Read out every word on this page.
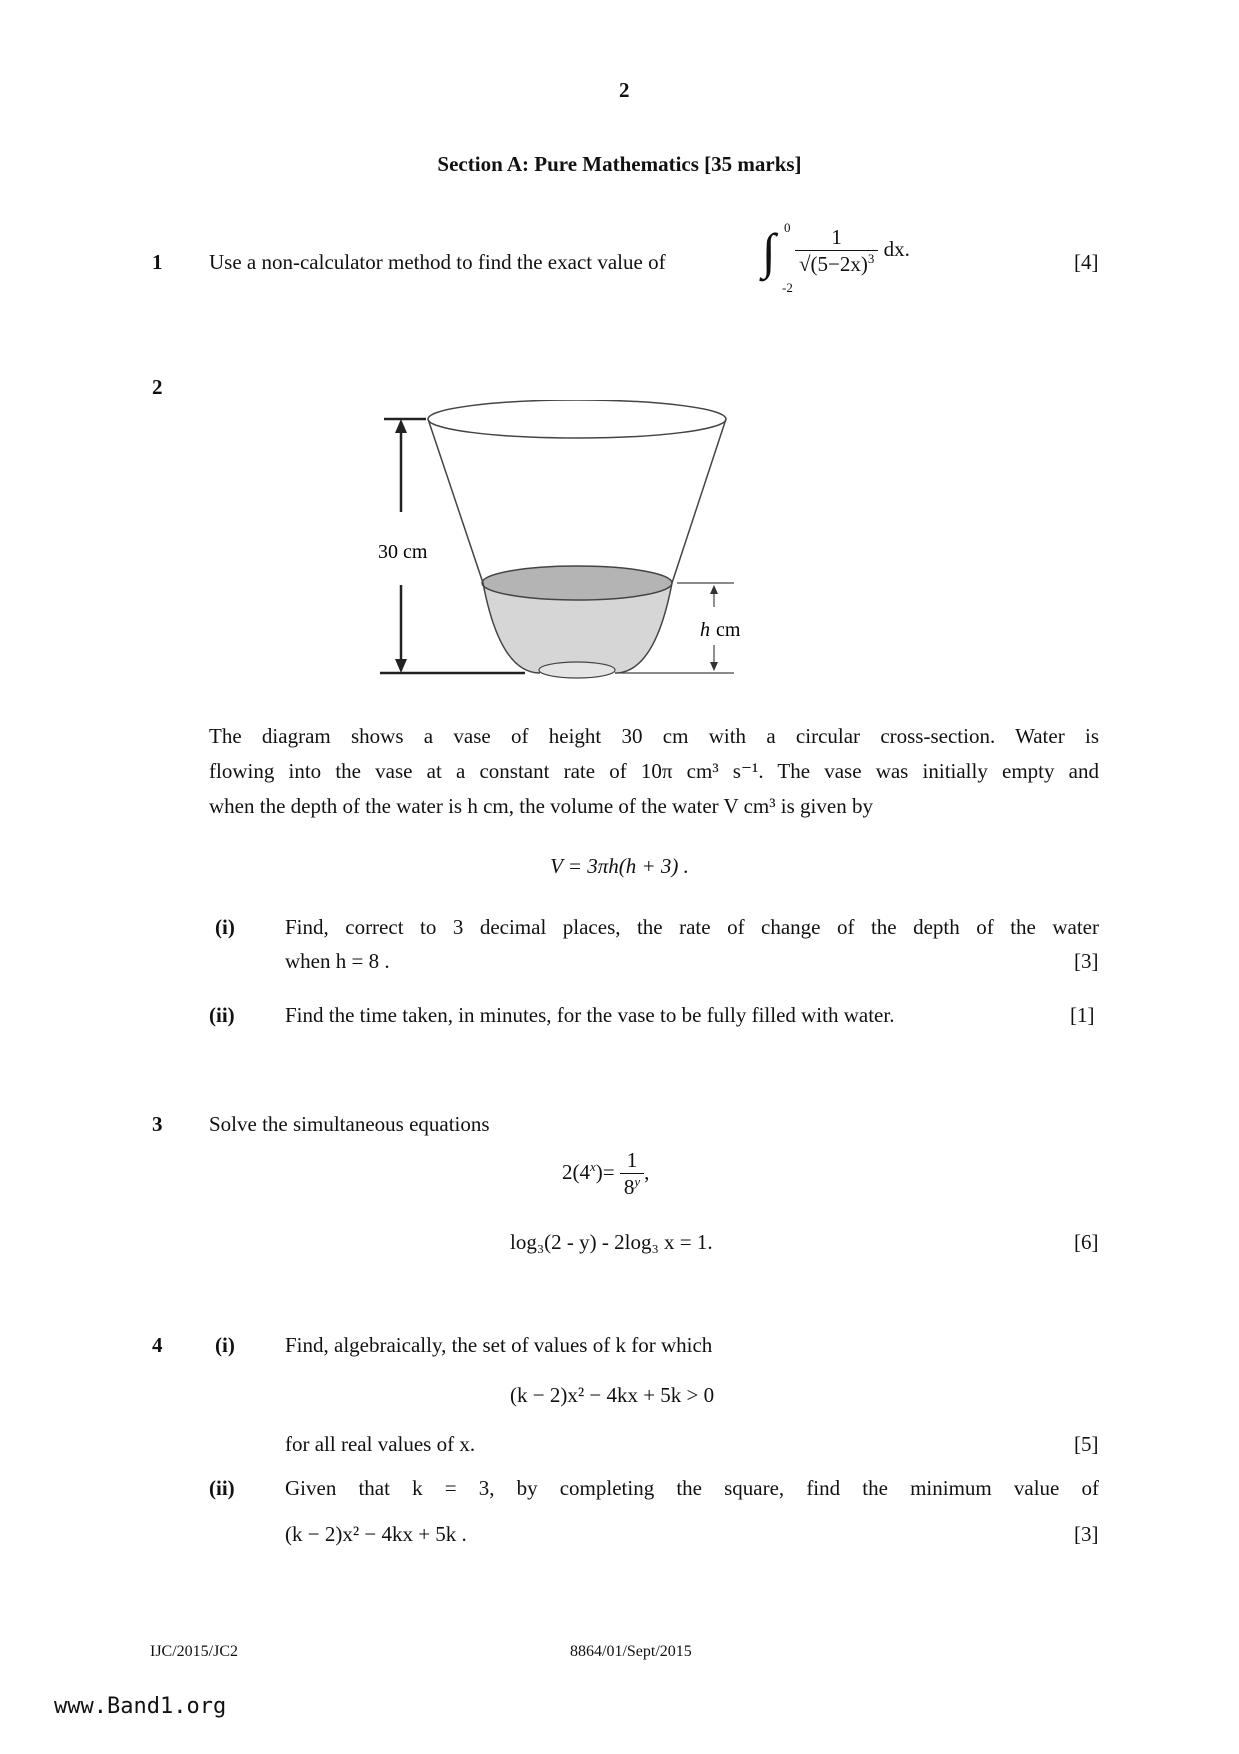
2
Section A: Pure Mathematics [35 marks]
1 Use a non-calculator method to find the exact value of ∫ 0
-2
$\frac{1}{√(5-2x)^3}$ dx.
[4]
2
30 cm
h cm
The diagram shows a vase of height 30 cm with a circular cross-section. Water is
flowing into the vase at a constant rate of 10π cm³ s⁻¹. The vase was initially empty and
when the depth of the water is h cm, the volume of the water V cm³ is given by
V = 3πh(h + 3) .
(i) Find, correct to 3 decimal places, the rate of change of the depth of the water
when h = 8 .	[3]
(ii) Find the time taken, in minutes, for the vase to be fully filled with water.	[1]
3 Solve the simultaneous equations
$2(4^x)= \frac{1}{8^y}$ ,
log₃(2 - y) - 2log₃ x = 1.	[6]
4	(i) Find, algebraically, the set of values of k for which
(k − 2)x² − 4kx + 5k > 0
for all real values of x.	[5]
(ii) Given that k = 3, by completing the square, find the minimum value of
(k − 2)x² − 4kx + 5k .	[3]
IJC/2015/JC2	8864/01/Sept/2015
www.Band1.org
